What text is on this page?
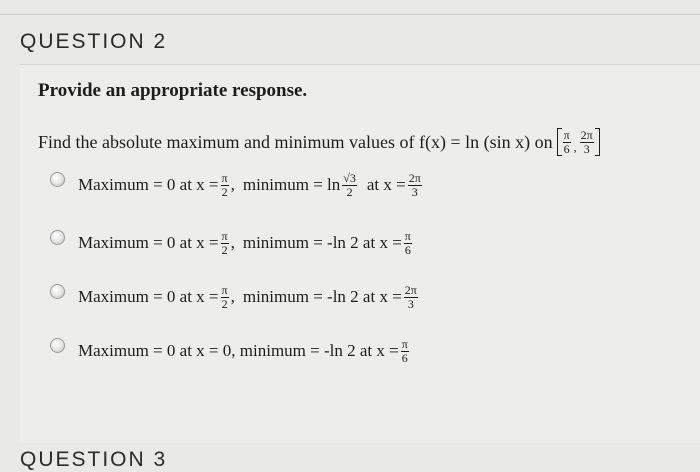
QUESTION 2
Provide an appropriate response.
Find the absolute maximum and minimum values of f(x) = ln (sin x) on $\frac{\pi}{6}$ , $\frac{2\pi}{3}$
Maximum = 0 at $x = \frac{\pi}{2}$ , minimum = $\ln \frac{√3}{2}$ at $x = \frac{2\pi}{3}$
Maximum = 0 at $x = \frac{\pi}{2}$ , minimum = -ln 2 at $x = \frac{\pi}{6}$
Maximum = 0 at $x = \frac{\pi}{2}$ , minimum = -ln 2 at $x = \frac{2\pi}{3}$
Maximum = 0 at x = 0, minimum = -ln 2 at $x = \frac{\pi}{6}$
QUESTION 3
